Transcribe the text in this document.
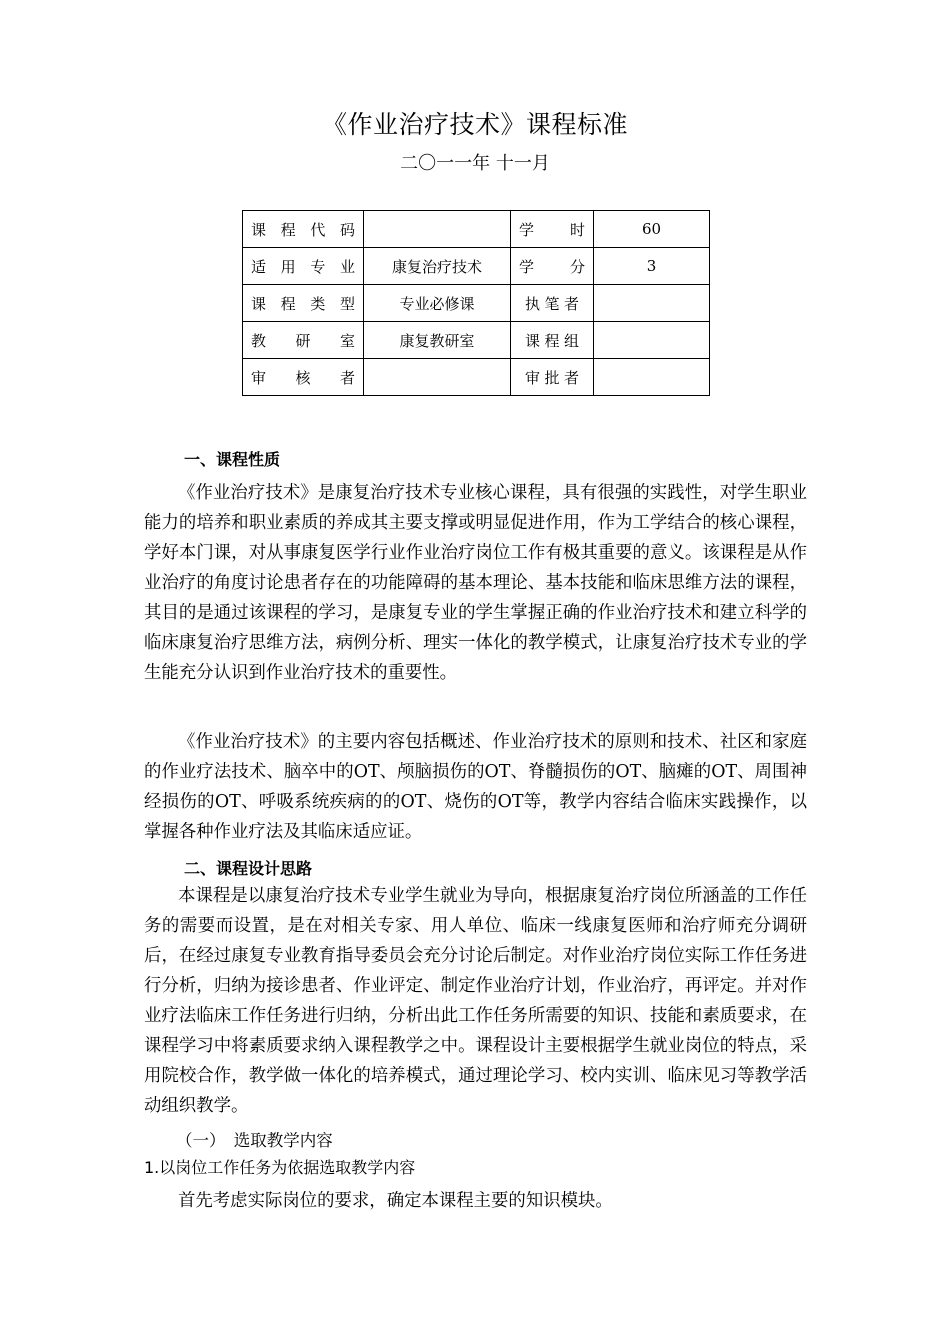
《作业治疗技术》课程标准
二〇一一年 十一月
课程代码		学时	60
适用专业	康复治疗技术	学分	3
课程类型	专业必修课	执笔者	
教研室	康复教研室	课程组	
审核者		审批者	
一、课程性质

《作业治疗技术》是康复治疗技术专业核心课程，具有很强的实践性，对学生职业能力的培养和职业素质的养成其主要支撑或明显促进作用，作为工学结合的核心课程，学好本门课，对从事康复医学行业作业治疗岗位工作有极其重要的意义。该课程是从作业治疗的角度讨论患者存在的功能障碍的基本理论、基本技能和临床思维方法的课程，其目的是通过该课程的学习，是康复专业的学生掌握正确的作业治疗技术和建立科学的临床康复治疗思维方法，病例分析、理实一体化的教学模式，让康复治疗技术专业的学生能充分认识到作业治疗技术的重要性。

《作业治疗技术》的主要内容包括概述、作业治疗技术的原则和技术、社区和家庭的作业疗法技术、脑卒中的OT、颅脑损伤的OT、脊髓损伤的OT、脑瘫的OT、周围神经损伤的OT、呼吸系统疾病的的OT、烧伤的OT等，教学内容结合临床实践操作，以掌握各种作业疗法及其临床适应证。

二、课程设计思路

本课程是以康复治疗技术专业学生就业为导向，根据康复治疗岗位所涵盖的工作任务的需要而设置，是在对相关专家、用人单位、临床一线康复医师和治疗师充分调研后，在经过康复专业教育指导委员会充分讨论后制定。对作业治疗岗位实际工作任务进行分析，归纳为接诊患者、作业评定、制定作业治疗计划，作业治疗，再评定。并对作业疗法临床工作任务进行归纳，分析出此工作任务所需要的知识、技能和素质要求，在课程学习中将素质要求纳入课程教学之中。课程设计主要根据学生就业岗位的特点，采用院校合作，教学做一体化的培养模式，通过理论学习、校内实训、临床见习等教学活动组织教学。

（一）　选取教学内容
1.以岗位工作任务为依据选取教学内容

首先考虑实际岗位的要求，确定本课程主要的知识模块。
